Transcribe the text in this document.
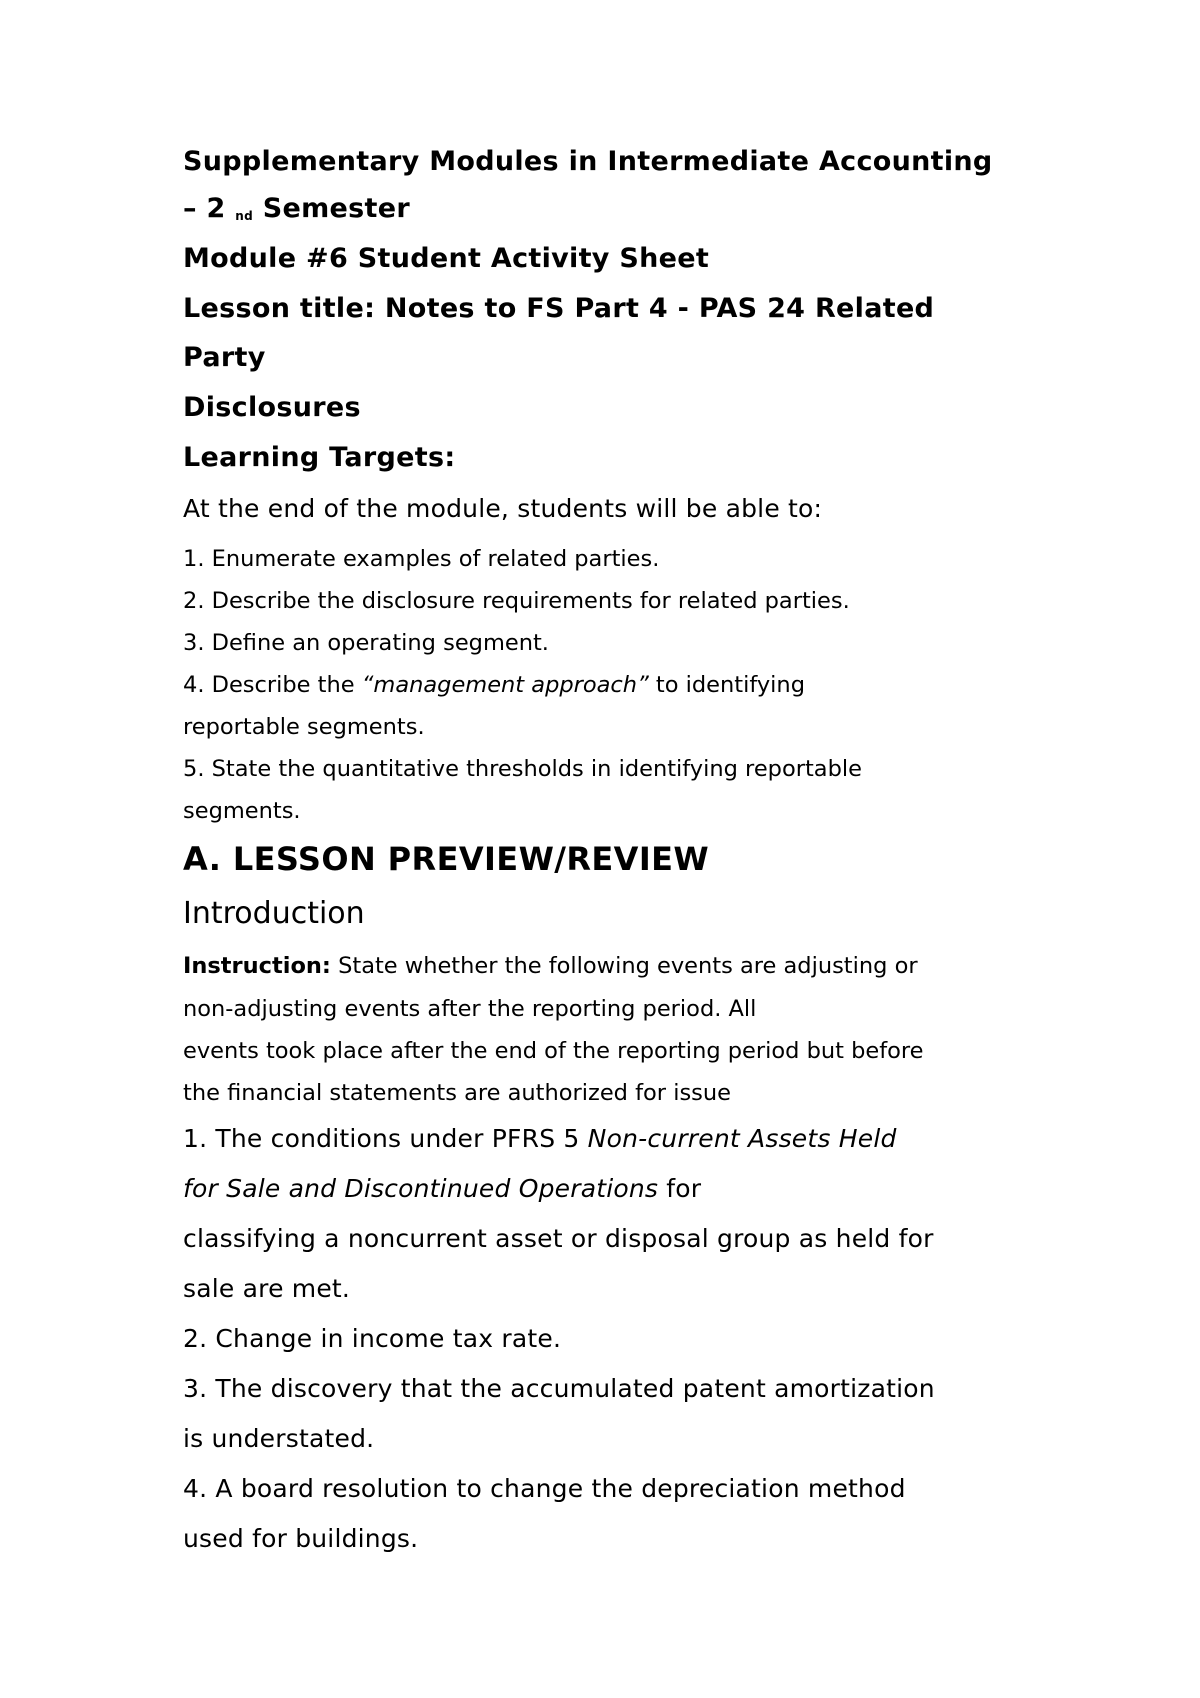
Supplementary Modules in Intermediate Accounting

– 2 nd Semester

Module #6 Student Activity Sheet

Lesson title: Notes to FS Part 4 - PAS 24 Related

Party

Disclosures

Learning Targets:

At the end of the module, students will be able to:

1. Enumerate examples of related parties.

2. Describe the disclosure requirements for related parties.

3. Define an operating segment.

4. Describe the “management approach” to identifying

reportable segments.

5. State the quantitative thresholds in identifying reportable

segments.

A. LESSON PREVIEW/REVIEW

Introduction

Instruction: State whether the following events are adjusting or

non-adjusting events after the reporting period. All

events took place after the end of the reporting period but before

the financial statements are authorized for issue

1. The conditions under PFRS 5 Non-current Assets Held

for Sale and Discontinued Operations for

classifying a noncurrent asset or disposal group as held for

sale are met.

2. Change in income tax rate.

3. The discovery that the accumulated patent amortization

is understated.

4. A board resolution to change the depreciation method

used for buildings.
